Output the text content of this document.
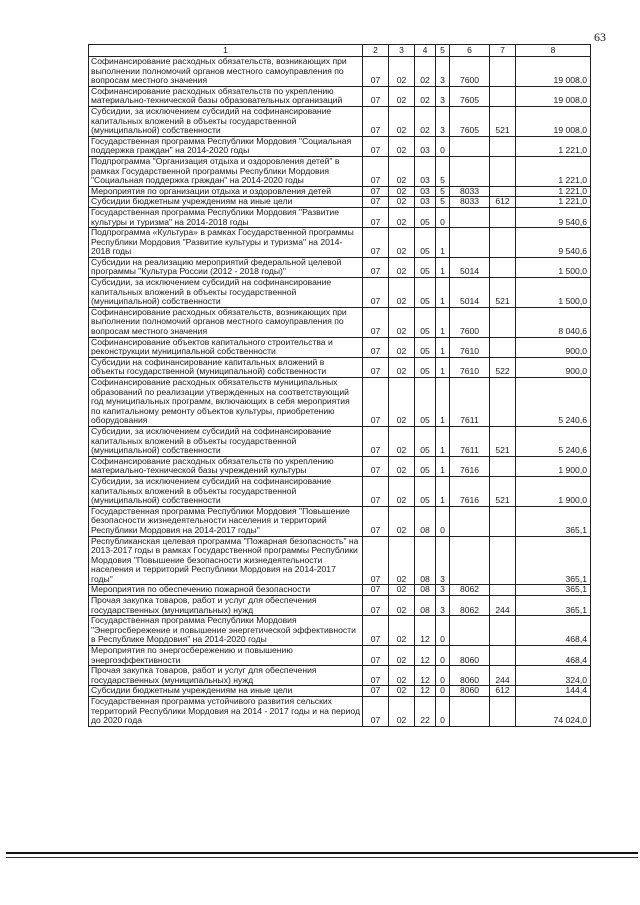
63
1	2	3	4	5	6	7	8
Софинансирование расходных обязательств, возникающих при выполнении полномочий органов местного самоуправления по вопросам местного значения	07	02	02	3	7600		19 008,0
Софинансирование расходных обязательств по укреплению материально-технической базы образовательных организаций	07	02	02	3	7605		19 008,0
Субсидии, за исключением субсидий на софинансирование капитальных вложений в объекты государственной (муниципальной) собственности	07	02	02	3	7605	521	19 008,0
Государственная программа Республики Мордовия "Социальная поддержка граждан" на 2014-2020 годы	07	02	03	0			1 221,0
Подпрограмма "Организация отдыха и оздоровления детей" в рамках Государственной программы Республики Мордовия "Социальная поддержка граждан" на 2014-2020 годы	07	02	03	5			1 221,0
Мероприятия по организации отдыха и оздоровления детей	07	02	03	5	8033		1 221,0
Субсидии бюджетным учреждениям на иные цели	07	02	03	5	8033	612	1 221,0
Государственная программа Республики Мордовия "Развитие культуры и туризма" на 2014-2018 годы	07	02	05	0			9 540,6
Подпрограмма «Культура» в рамках Государственной программы Республики Мордовия "Развитие культуры и туризма" на 2014-2018 годы	07	02	05	1			9 540,6
Субсидии на реализацию мероприятий федеральной целевой программы "Культура России (2012 - 2018 годы)"	07	02	05	1	5014		1 500,0
Субсидии, за исключением субсидий на софинансирование капитальных вложений в объекты государственной (муниципальной) собственности	07	02	05	1	5014	521	1 500,0
Софинансирование расходных обязательств, возникающих при выполнении полномочий органов местного самоуправления по вопросам местного значения	07	02	05	1	7600		8 040,6
Софинансирование объектов капитального строительства и реконструкции муниципальной собственности	07	02	05	1	7610		900,0
Субсидии на софинансирование капитальных вложений в объекты государственной (муниципальной) собственности	07	02	05	1	7610	522	900,0
Софинансирование расходных обязательств муниципальных образований по реализации утвержденных на соответствующий год муниципальных программ, включающих в себя мероприятия по капитальному ремонту объектов культуры, приобретению оборудования	07	02	05	1	7611		5 240,6
Субсидии, за исключением субсидий на софинансирование капитальных вложений в объекты государственной (муниципальной) собственности	07	02	05	1	7611	521	5 240,6
Софинансирование расходных обязательств по укреплению материально-технической базы учреждений культуры	07	02	05	1	7616		1 900,0
Субсидии, за исключением субсидий на софинансирование капитальных вложений в объекты государственной (муниципальной) собственности	07	02	05	1	7616	521	1 900,0
Государственная программа Республики Мордовия "Повышение безопасности жизнедеятельности населения и территорий Республики Мордовия на 2014-2017 годы"	07	02	08	0			365,1
Республиканская целевая программа "Пожарная безопасность" на 2013-2017 годы в рамках Государственной программы Республики Мордовия "Повышение безопасности жизнедеятельности населения и территорий Республики Мордовия на 2014-2017 годы"	07	02	08	3			365,1
Мероприятия по обеспечению пожарной безопасности	07	02	08	3	8062		365,1
Прочая закупка товаров, работ и услуг для обеспечения государственных (муниципальных) нужд	07	02	08	3	8062	244	365,1
Государственная программа Республики Мордовия "Энергосбережение и повышение энергетической эффективности в Республике Мордовия" на 2014-2020 годы	07	02	12	0			468,4
Мероприятия по энергосбережению и повышению энергоэффективности	07	02	12	0	8060		468,4
Прочая закупка товаров, работ и услуг для обеспечения государственных (муниципальных) нужд	07	02	12	0	8060	244	324,0
Субсидии бюджетным учреждениям на иные цели	07	02	12	0	8060	612	144,4
Государственная программа устойчивого развития сельских территорий Республики Мордовия на 2014 - 2017 годы и на период до 2020 года	07	02	22	0			74 024,0
